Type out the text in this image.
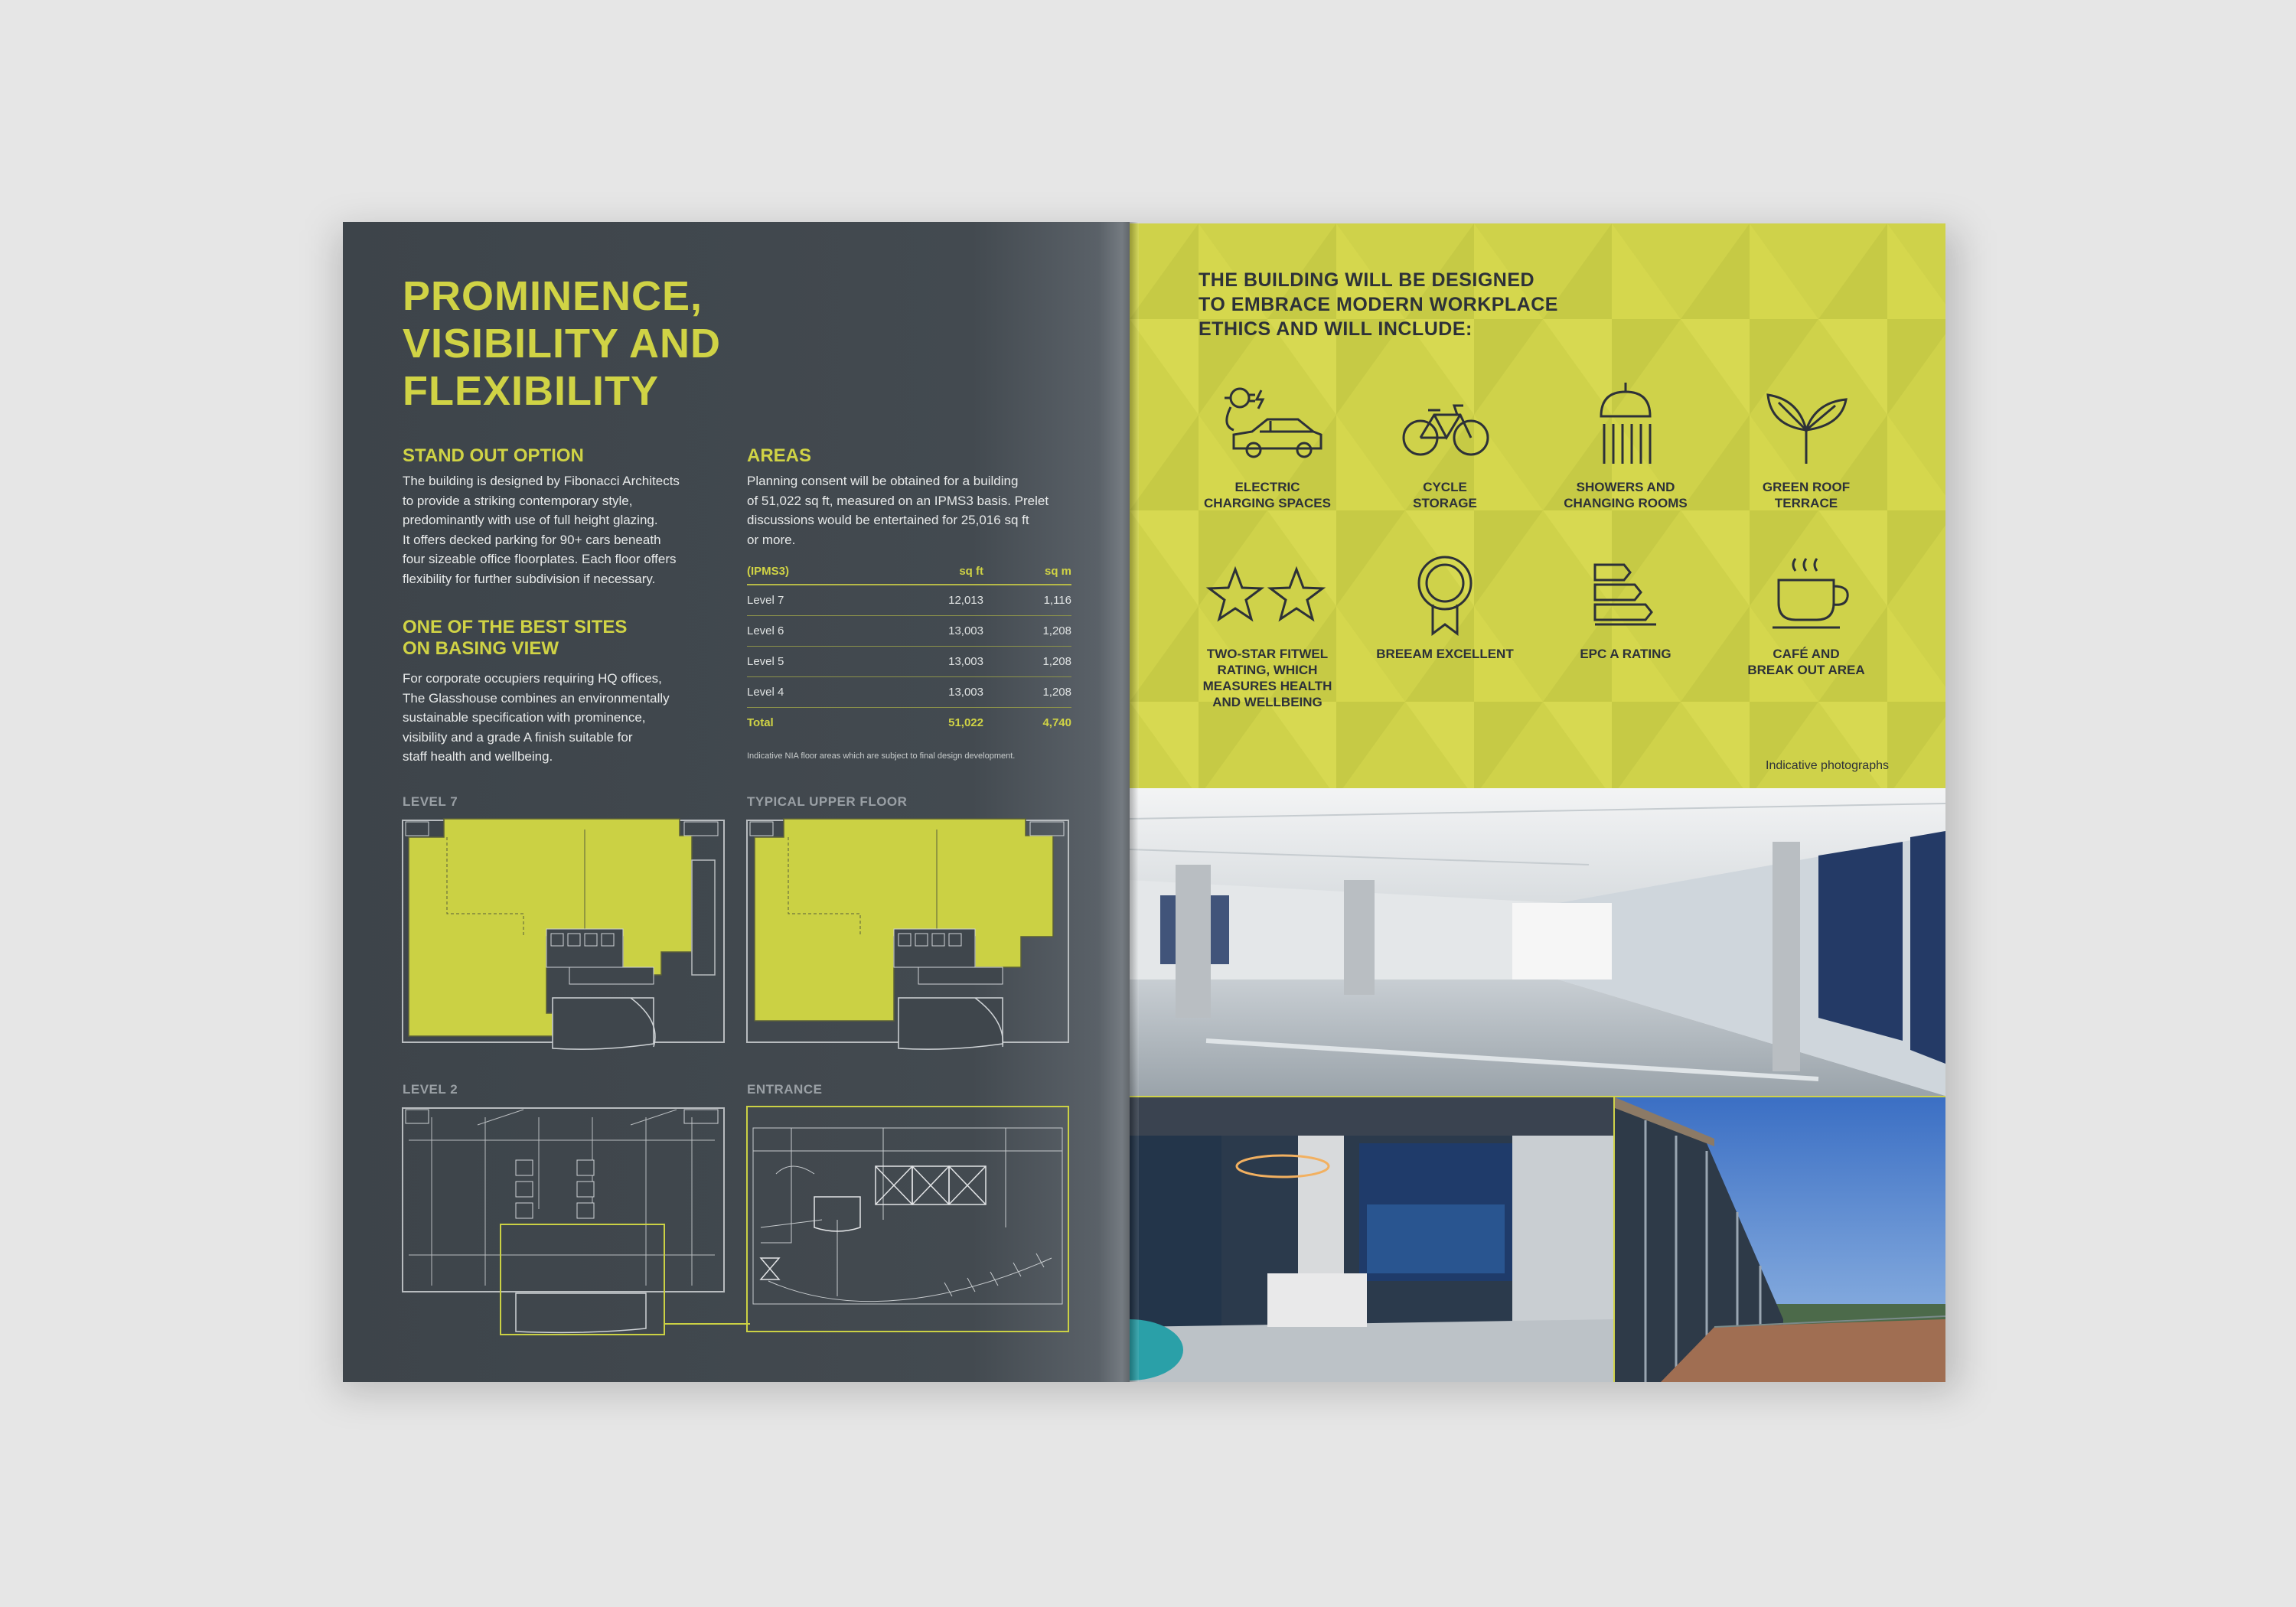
PROMINENCE,
VISIBILITY AND
FLEXIBILITY
STAND OUT OPTION
The building is designed by Fibonacci Architects
to provide a striking contemporary style,
predominantly with use of full height glazing.
It offers decked parking for 90+ cars beneath
four sizeable office floorplates. Each floor offers
flexibility for further subdivision if necessary.
ONE OF THE BEST SITES
ON BASING VIEW
For corporate occupiers requiring HQ offices,
The Glasshouse combines an environmentally
sustainable specification with prominence,
visibility and a grade A finish suitable for
staff health and wellbeing.
AREAS
Planning consent will be obtained for a building
of 51,022 sq ft, measured on an IPMS3 basis. Prelet
discussions would be entertained for 25,016 sq ft
or more.
(IPMS3)	sq ft	sq m
Level 7	12,013	1,116
Level 6	13,003	1,208
Level 5	13,003	1,208
Level 4	13,003	1,208
Total	51,022	4,740

Indicative NIA floor areas which are subject to final design development.

LEVEL 7	TYPICAL UPPER FLOOR

LEVEL 2	ENTRANCE

THE BUILDING WILL BE DESIGNED
TO EMBRACE MODERN WORKPLACE
ETHICS AND WILL INCLUDE:

ELECTRIC
CHARGING SPACES

CYCLE
STORAGE

SHOWERS AND
CHANGING ROOMS

GREEN ROOF
TERRACE

TWO-STAR FITWEL
RATING, WHICH
MEASURES HEALTH
AND WELLBEING

BREEAM EXCELLENT	EPC A RATING	CAFÉ AND
BREAK OUT AREA

Indicative photographs
